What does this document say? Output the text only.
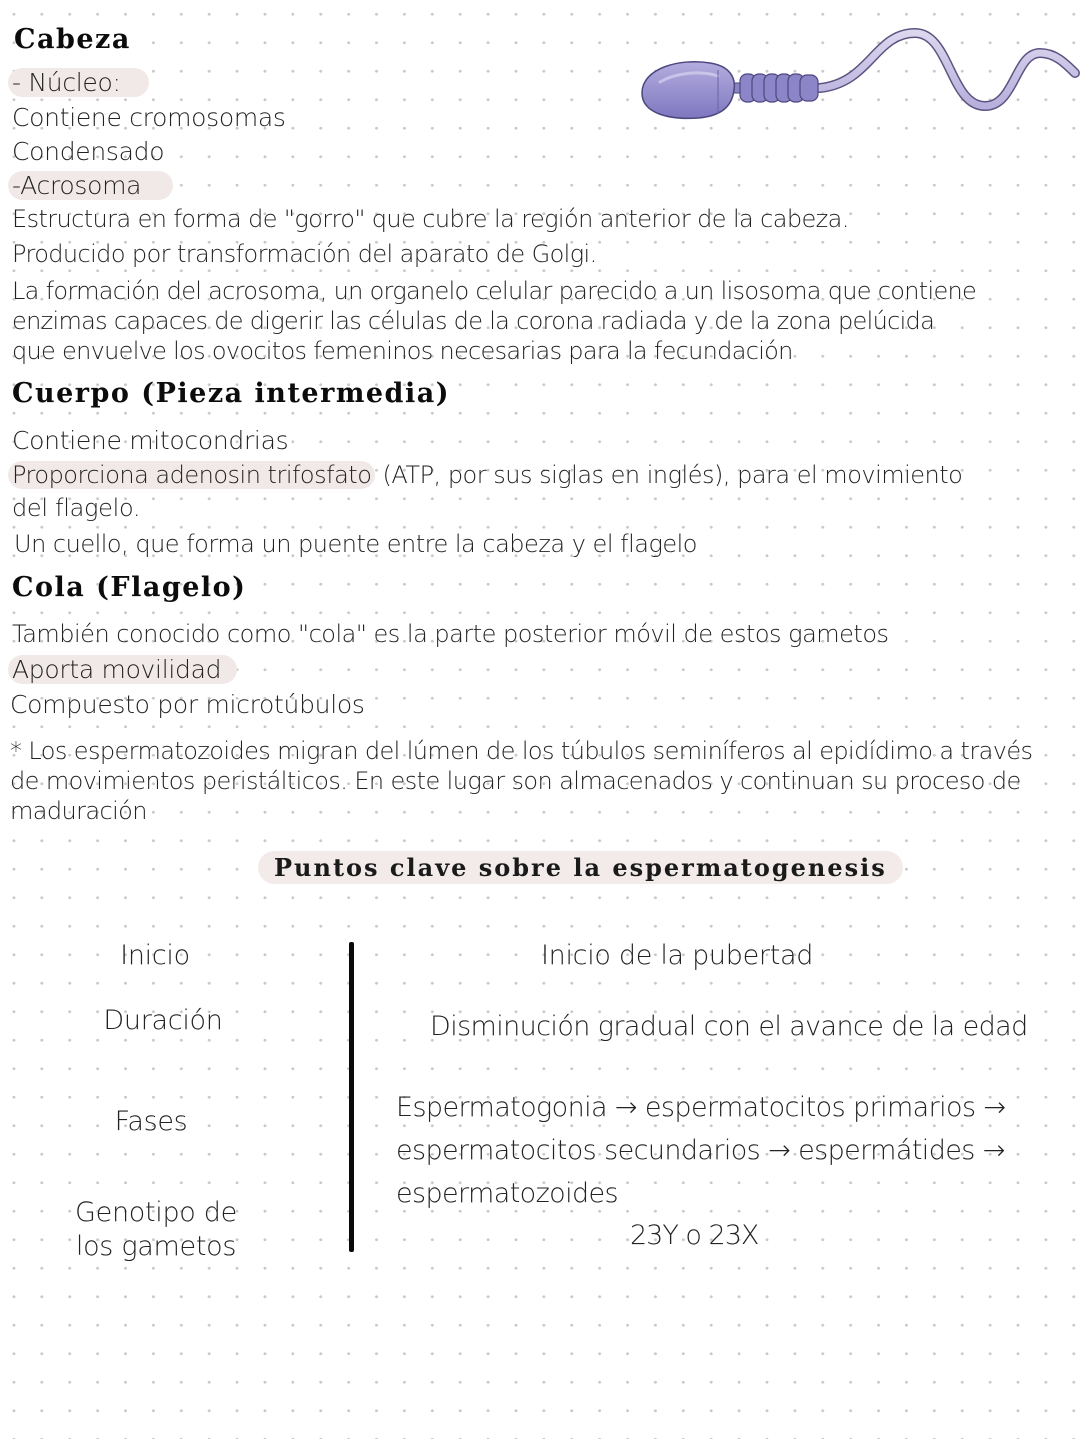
Cabeza
- Núcleo:
Contiene cromosomas
Condensado
-Acrosoma
Estructura en forma de "gorro" que cubre la región anterior de la cabeza.
Producido por transformación del aparato de Golgi.
La formación del acrosoma, un organelo celular parecido a un lisosoma que contiene enzimas capaces de digerir las células de la corona radiada y de la zona pelúcida que envuelve los ovocitos femeninos necesarias para la fecundación
Cuerpo (Pieza intermedia)
Contiene mitocondrias
Proporciona adenosin trifosfato (ATP, por sus siglas en inglés), para el movimiento
del flagelo.
Un cuello, que forma un puente entre la cabeza y el flagelo
Cola (Flagelo)
También conocido como "cola" es la parte posterior móvil de estos gametos
Aporta movilidad
Compuesto por microtúbulos
* Los espermatozoides migran del lúmen de los túbulos seminíferos al epidídimo a través de movimientos peristálticos. En este lugar son almacenados y continuan su proceso de maduración
Puntos clave sobre la espermatogenesis
Inicio	Inicio de la pubertad
Duración	Disminución gradual con el avance de la edad
Fases	Espermatogonia → espermatocitos primarios →
espermatocitos secundarios → espermátides →
espermatozoides
Genotipo de
los gametos	23Y o 23X
